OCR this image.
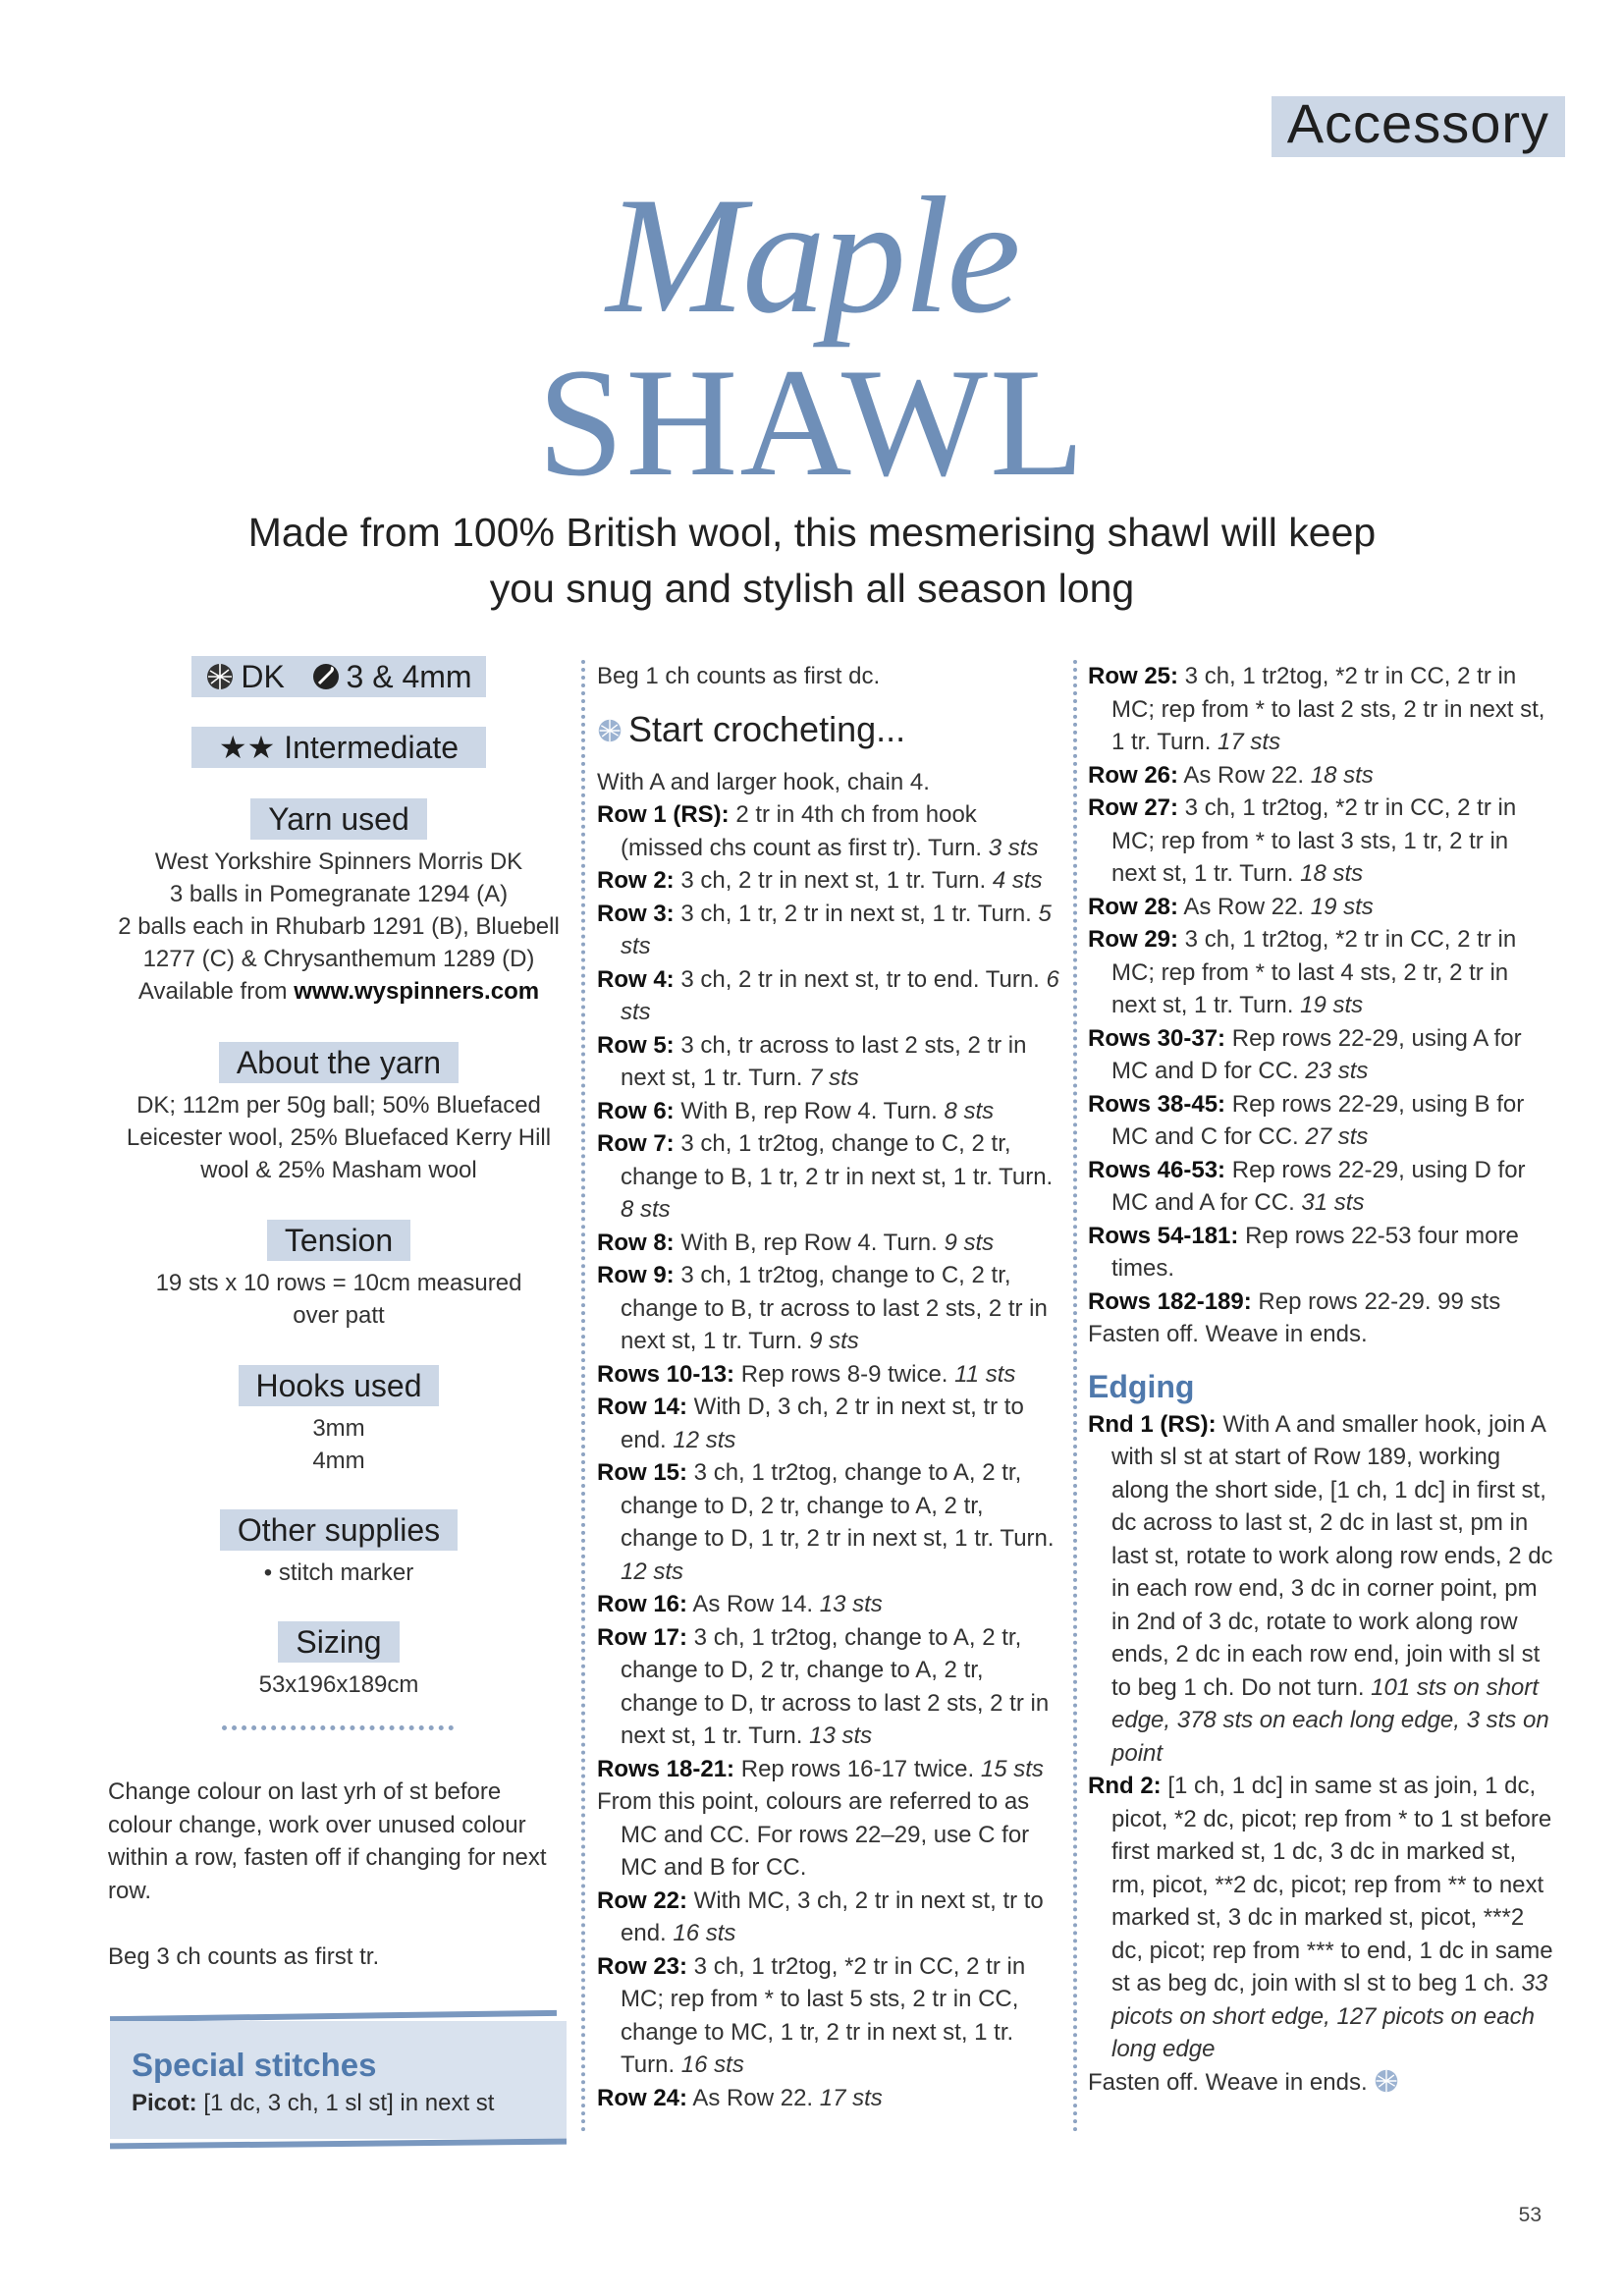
Accessory
Maple
SHAWL
Made from 100% British wool, this mesmerising shawl will keep you snug and stylish all season long
DK 3 & 4mm
★★ Intermediate
Yarn used
West Yorkshire Spinners Morris DK
3 balls in Pomegranate 1294 (A)
2 balls each in Rhubarb 1291 (B), Bluebell
1277 (C) & Chrysanthemum 1289 (D)
Available from www.wyspinners.com
About the yarn
DK; 112m per 50g ball; 50% Bluefaced
Leicester wool, 25% Bluefaced Kerry Hill
wool & 25% Masham wool
Tension
19 sts x 10 rows = 10cm measured
over patt
Hooks used
3mm
4mm
Other supplies
• stitch marker
Sizing
53x196x189cm
Change colour on last yrh of st before colour change, work over unused colour within a row, fasten off if changing for next row.
Beg 3 ch counts as first tr.
Special stitches
Picot: [1 dc, 3 ch, 1 sl st] in next st

Beg 1 ch counts as first dc.

Start crocheting...

With A and larger hook, chain 4.

Row 1 (RS): 2 tr in 4th ch from hook (missed chs count as first tr). Turn. 3 sts

Row 2: 3 ch, 2 tr in next st, 1 tr. Turn. 4 sts

Row 3: 3 ch, 1 tr, 2 tr in next st, 1 tr. Turn. 5 sts

Row 4: 3 ch, 2 tr in next st, tr to end. Turn. 6 sts

Row 5: 3 ch, tr across to last 2 sts, 2 tr in next st, 1 tr. Turn. 7 sts

Row 6: With B, rep Row 4. Turn. 8 sts

Row 7: 3 ch, 1 tr2tog, change to C, 2 tr, change to B, 1 tr, 2 tr in next st, 1 tr. Turn. 8 sts

Row 8: With B, rep Row 4. Turn. 9 sts

Row 9: 3 ch, 1 tr2tog, change to C, 2 tr, change to B, tr across to last 2 sts, 2 tr in next st, 1 tr. Turn. 9 sts

Rows 10-13: Rep rows 8-9 twice. 11 sts

Row 14: With D, 3 ch, 2 tr in next st, tr to end. 12 sts

Row 15: 3 ch, 1 tr2tog, change to A, 2 tr, change to D, 2 tr, change to A, 2 tr, change to D, 1 tr, 2 tr in next st, 1 tr. Turn. 12 sts

Row 16: As Row 14. 13 sts

Row 17: 3 ch, 1 tr2tog, change to A, 2 tr, change to D, 2 tr, change to A, 2 tr, change to D, tr across to last 2 sts, 2 tr in next st, 1 tr. Turn. 13 sts

Rows 18-21: Rep rows 16-17 twice. 15 sts

From this point, colours are referred to as MC and CC. For rows 22–29, use C for MC and B for CC.

Row 22: With MC, 3 ch, 2 tr in next st, tr to end. 16 sts

Row 23: 3 ch, 1 tr2tog, *2 tr in CC, 2 tr in MC; rep from * to last 5 sts, 2 tr in CC, change to MC, 1 tr, 2 tr in next st, 1 tr. Turn. 16 sts

Row 24: As Row 22. 17 sts

Row 25: 3 ch, 1 tr2tog, *2 tr in CC, 2 tr in MC; rep from * to last 2 sts, 2 tr in next st, 1 tr. Turn. 17 sts

Row 26: As Row 22. 18 sts

Row 27: 3 ch, 1 tr2tog, *2 tr in CC, 2 tr in MC; rep from * to last 3 sts, 1 tr, 2 tr in next st, 1 tr. Turn. 18 sts

Row 28: As Row 22. 19 sts

Row 29: 3 ch, 1 tr2tog, *2 tr in CC, 2 tr in MC; rep from * to last 4 sts, 2 tr, 2 tr in next st, 1 tr. Turn. 19 sts

Rows 30-37: Rep rows 22-29, using A for MC and D for CC. 23 sts

Rows 38-45: Rep rows 22-29, using B for MC and C for CC. 27 sts

Rows 46-53: Rep rows 22-29, using D for MC and A for CC. 31 sts

Rows 54-181: Rep rows 22-53 four more times.

Rows 182-189: Rep rows 22-29. 99 sts

Fasten off. Weave in ends.

Edging

Rnd 1 (RS): With A and smaller hook, join A with sl st at start of Row 189, working along the short side, [1 ch, 1 dc] in first st, dc across to last st, 2 dc in last st, pm in last st, rotate to work along row ends, 2 dc in each row end, 3 dc in corner point, pm in 2nd of 3 dc, rotate to work along row ends, 2 dc in each row end, join with sl st to beg 1 ch. Do not turn. 101 sts on short edge, 378 sts on each long edge, 3 sts on point

Rnd 2: [1 ch, 1 dc] in same st as join, 1 dc, picot, *2 dc, picot; rep from * to 1 st before first marked st, 1 dc, 3 dc in marked st, rm, picot, **2 dc, picot; rep from ** to next marked st, 3 dc in marked st, picot, ***2 dc, picot; rep from *** to end, 1 dc in same st as beg dc, join with sl st to beg 1 ch. 33 picots on short edge, 127 picots on each long edge

Fasten off. Weave in ends.

53
